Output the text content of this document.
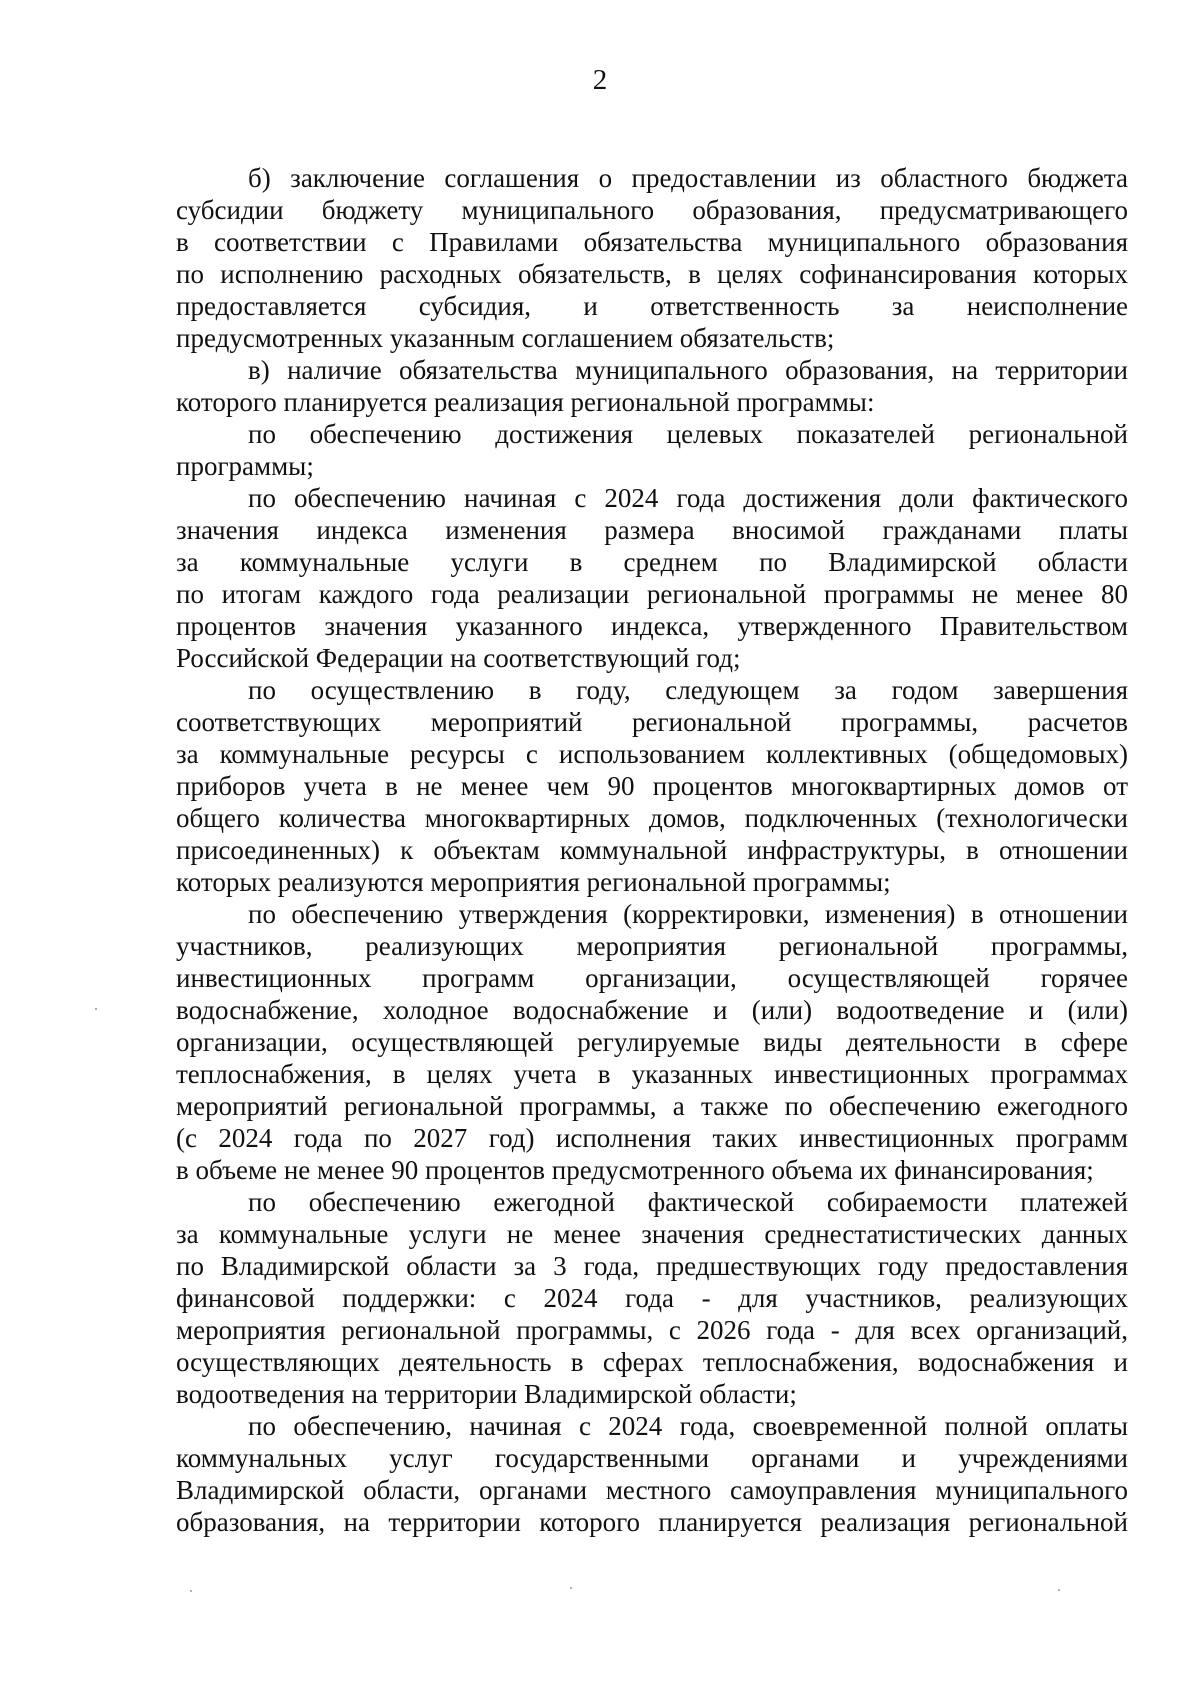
2
б) заключение соглашения о предоставлении из областного бюджета
субсидии бюджету муниципального образования, предусматривающего
в соответствии с Правилами обязательства муниципального образования
по исполнению расходных обязательств, в целях софинансирования которых
предоставляется субсидия, и ответственность за неисполнение
предусмотренных указанным соглашением обязательств;
в) наличие обязательства муниципального образования, на территории
которого планируется реализация региональной программы:
по обеспечению достижения целевых показателей региональной
программы;
по обеспечению начиная с 2024 года достижения доли фактического
значения индекса изменения размера вносимой гражданами платы
за коммунальные услуги в среднем по Владимирской области
по итогам каждого года реализации региональной программы не менее 80
процентов значения указанного индекса, утвержденного Правительством
Российской Федерации на соответствующий год;
по осуществлению в году, следующем за годом завершения
соответствующих мероприятий региональной программы, расчетов
за коммунальные ресурсы с использованием коллективных (общедомовых)
приборов учета в не менее чем 90 процентов многоквартирных домов от
общего количества многоквартирных домов, подключенных (технологически
присоединенных) к объектам коммунальной инфраструктуры, в отношении
которых реализуются мероприятия региональной программы;
по обеспечению утверждения (корректировки, изменения) в отношении
участников, реализующих мероприятия региональной программы,
инвестиционных программ организации, осуществляющей горячее
водоснабжение, холодное водоснабжение и (или) водоотведение и (или)
организации, осуществляющей регулируемые виды деятельности в сфере
теплоснабжения, в целях учета в указанных инвестиционных программах
мероприятий региональной программы, а также по обеспечению ежегодного
(с 2024 года по 2027 год) исполнения таких инвестиционных программ
в объеме не менее 90 процентов предусмотренного объема их финансирования;
по обеспечению ежегодной фактической собираемости платежей
за коммунальные услуги не менее значения среднестатистических данных
по Владимирской области за 3 года, предшествующих году предоставления
финансовой поддержки: с 2024 года - для участников, реализующих
мероприятия региональной программы, с 2026 года - для всех организаций,
осуществляющих деятельность в сферах теплоснабжения, водоснабжения и
водоотведения на территории Владимирской области;
по обеспечению, начиная с 2024 года, своевременной полной оплаты
коммунальных услуг государственными органами и учреждениями
Владимирской области, органами местного самоуправления муниципального
образования, на территории которого планируется реализация региональной
